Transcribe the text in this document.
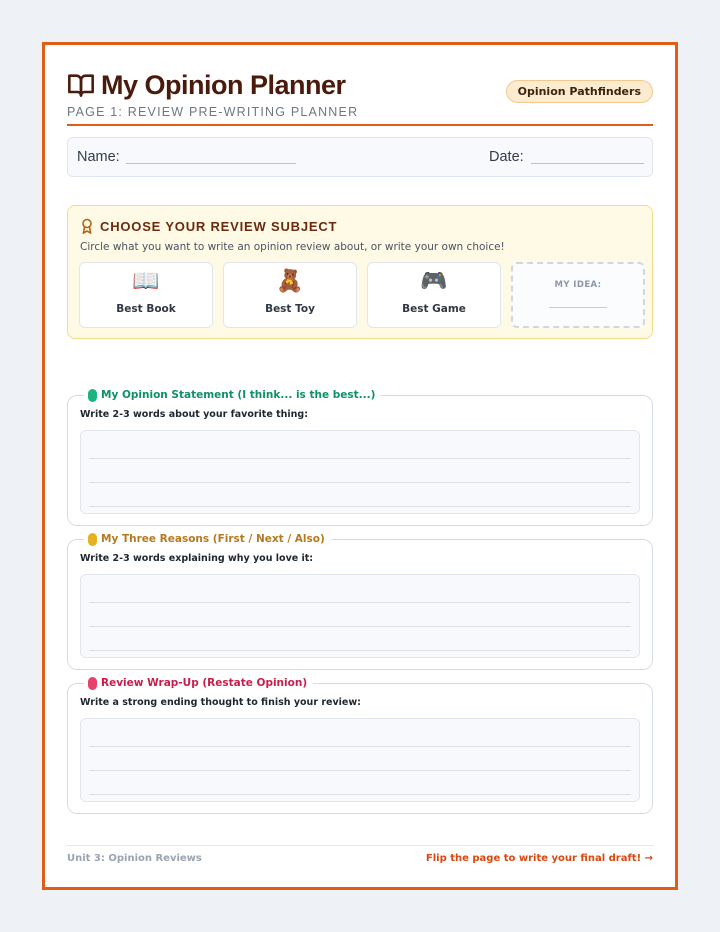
My Opinion Planner
PAGE 1: REVIEW PRE-WRITING PLANNER
Opinion Pathfinders
Name:	Date:
CHOOSE YOUR REVIEW SUBJECT
Circle what you want to write an opinion review about, or write your own choice!
📖
Best Book
🧸
Best Toy
🎮
Best Game
MY IDEA:
My Opinion Statement (I think... is the best...)
Write 2-3 words about your favorite thing:
My Three Reasons (First / Next / Also)
Write 2-3 words explaining why you love it:
Review Wrap-Up (Restate Opinion)
Write a strong ending thought to finish your review:
Unit 3: Opinion Reviews	Flip the page to write your final draft! →
